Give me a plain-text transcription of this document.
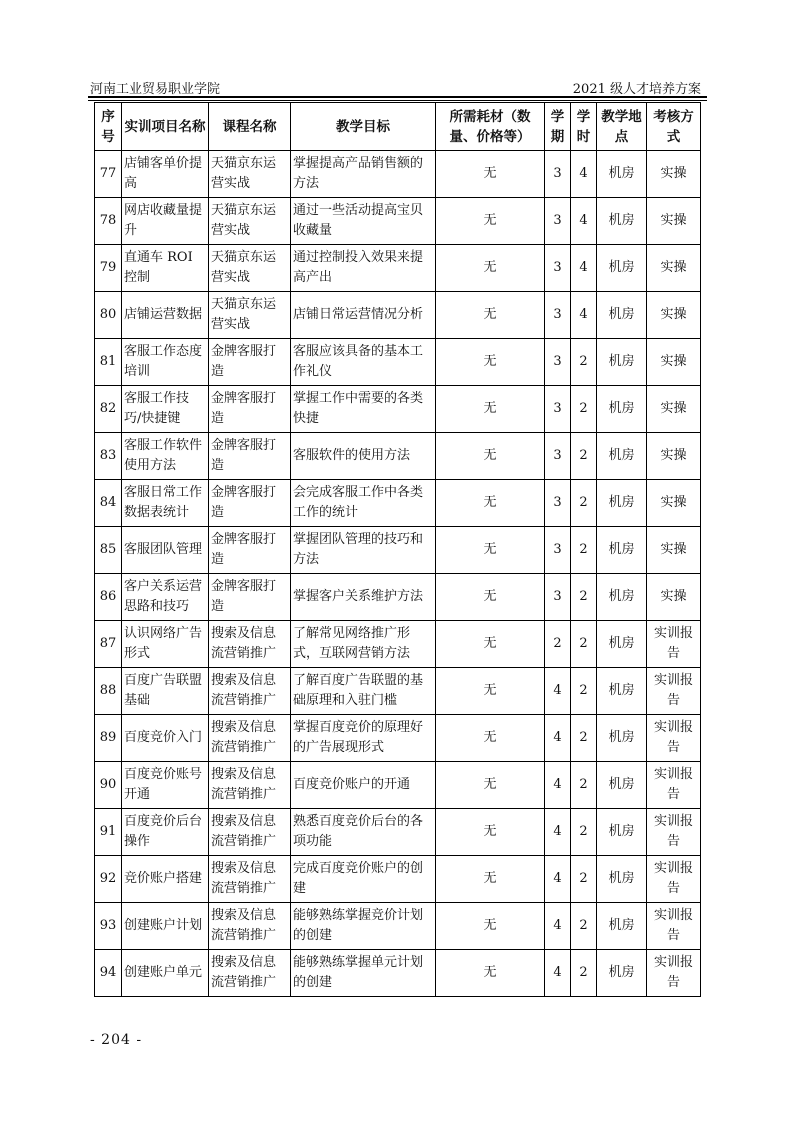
河南工业贸易职业学院	2021 级人才培养方案
序号	实训项目名称	课程名称	教学目标	所需耗材（数量、价格等）	学期	学时	教学地点	考核方式
77	店铺客单价提高	天猫京东运营实战	掌握提高产品销售额的方法	无	3	4	机房	实操
78	网店收藏量提升	天猫京东运营实战	通过一些活动提高宝贝收藏量	无	3	4	机房	实操
79	直通车 ROI 控制	天猫京东运营实战	通过控制投入效果来提高产出	无	3	4	机房	实操
80	店铺运营数据	天猫京东运营实战	店铺日常运营情况分析	无	3	4	机房	实操
81	客服工作态度培训	金牌客服打造	客服应该具备的基本工作礼仪	无	3	2	机房	实操
82	客服工作技巧/快捷键	金牌客服打造	掌握工作中需要的各类快捷	无	3	2	机房	实操
83	客服工作软件使用方法	金牌客服打造	客服软件的使用方法	无	3	2	机房	实操
84	客服日常工作数据表统计	金牌客服打造	会完成客服工作中各类工作的统计	无	3	2	机房	实操
85	客服团队管理	金牌客服打造	掌握团队管理的技巧和方法	无	3	2	机房	实操
86	客户关系运营思路和技巧	金牌客服打造	掌握客户关系维护方法	无	3	2	机房	实操
87	认识网络广告形式	搜索及信息流营销推广	了解常见网络推广形式，互联网营销方法	无	2	2	机房	实训报告
88	百度广告联盟基础	搜索及信息流营销推广	了解百度广告联盟的基础原理和入驻门槛	无	4	2	机房	实训报告
89	百度竞价入门	搜索及信息流营销推广	掌握百度竞价的原理好的广告展现形式	无	4	2	机房	实训报告
90	百度竞价账号开通	搜索及信息流营销推广	百度竞价账户的开通	无	4	2	机房	实训报告
91	百度竞价后台操作	搜索及信息流营销推广	熟悉百度竞价后台的各项功能	无	4	2	机房	实训报告
92	竞价账户搭建	搜索及信息流营销推广	完成百度竞价账户的创建	无	4	2	机房	实训报告
93	创建账户计划	搜索及信息流营销推广	能够熟练掌握竞价计划的创建	无	4	2	机房	实训报告
94	创建账户单元	搜索及信息流营销推广	能够熟练掌握单元计划的创建	无	4	2	机房	实训报告
- 204 -
